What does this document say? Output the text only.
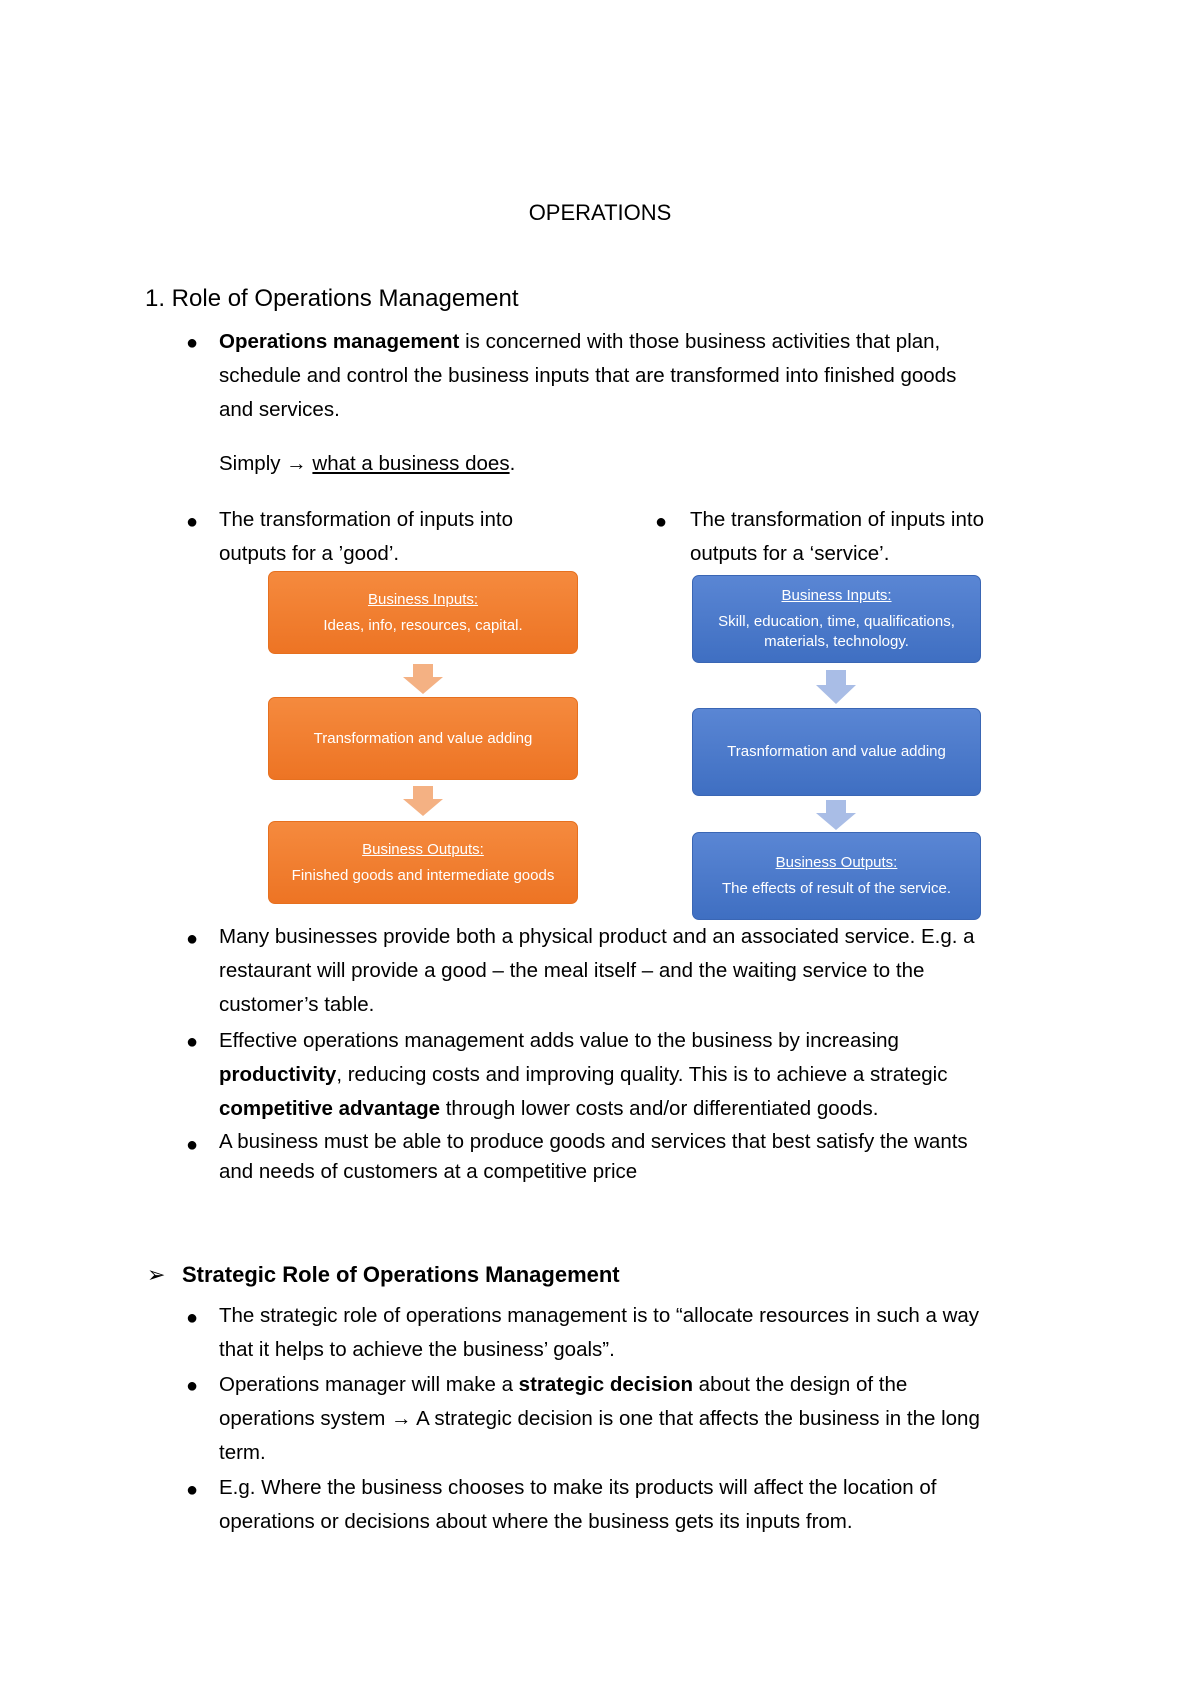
OPERATIONS
1. Role of Operations Management
● Operations management is concerned with those business activities that plan,
schedule and control the business inputs that are transformed into finished goods
and services.
Simply → what a business does.
● The transformation of inputs into
outputs for a ’good’.
● The transformation of inputs into
outputs for a ‘service’.
Business Inputs:
Ideas, info, resources, capital.
Transformation and value adding
Business Outputs:
Finished goods and intermediate goods
Business Inputs:
Skill, education, time, qualifications,
materials, technology.
Trasnformation and value adding
Business Outputs:
The effects of result of the service.
● Many businesses provide both a physical product and an associated service. E.g. a
restaurant will provide a good – the meal itself – and the waiting service to the
customer’s table.
● Effective operations management adds value to the business by increasing
productivity, reducing costs and improving quality. This is to achieve a strategic
competitive advantage through lower costs and/or differentiated goods.
● A business must be able to produce goods and services that best satisfy the wants
and needs of customers at a competitive price
➢ Strategic Role of Operations Management
● The strategic role of operations management is to “allocate resources in such a way
that it helps to achieve the business’ goals”.
● Operations manager will make a strategic decision about the design of the
operations system → A strategic decision is one that affects the business in the long
term.
● E.g. Where the business chooses to make its products will affect the location of
operations or decisions about where the business gets its inputs from.
